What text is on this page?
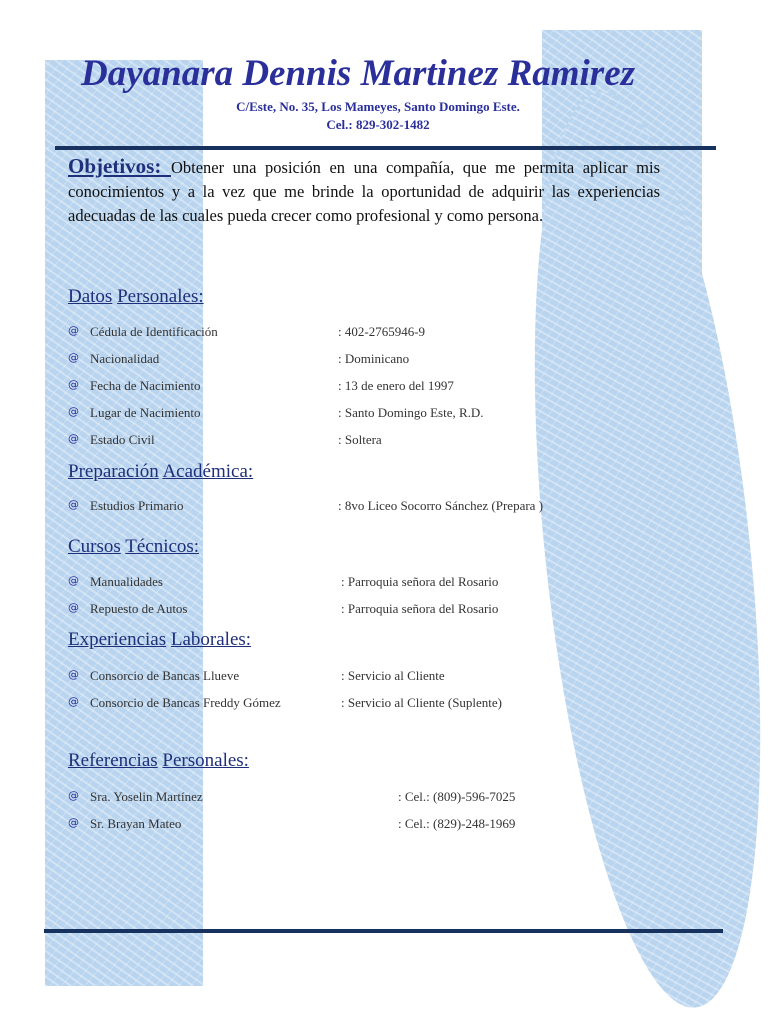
Dayanara Dennis Martinez Ramirez
C/Este, No. 35, Los Mameyes, Santo Domingo Este.
Cel.: 829-302-1482
Objetivos: Obtener una posición en una compañía, que me permita aplicar mis conocimientos y a la vez que me brinde la oportunidad de adquirir las experiencias adecuadas de las cuales pueda crecer como profesional y como persona.
Datos Personales:
@ Cédula de Identificación	: 402-2765946-9
@ Nacionalidad	: Dominicano
@ Fecha de Nacimiento	: 13 de enero del 1997
@ Lugar de Nacimiento	: Santo Domingo Este, R.D.
@ Estado Civil	: Soltera
Preparación Académica:
@ Estudios Primario	: 8vo Liceo Socorro Sánchez (Prepara )
Cursos Técnicos:
@ Manualidades	: Parroquia señora del Rosario
@ Repuesto de Autos	: Parroquia señora del Rosario
Experiencias Laborales:
@ Consorcio de Bancas Llueve	: Servicio al Cliente
@ Consorcio de Bancas Freddy Gómez	: Servicio al Cliente (Suplente)
Referencias Personales:
@ Sra. Yoselin Martínez	: Cel.: (809)-596-7025
@ Sr. Brayan Mateo	: Cel.: (829)-248-1969
